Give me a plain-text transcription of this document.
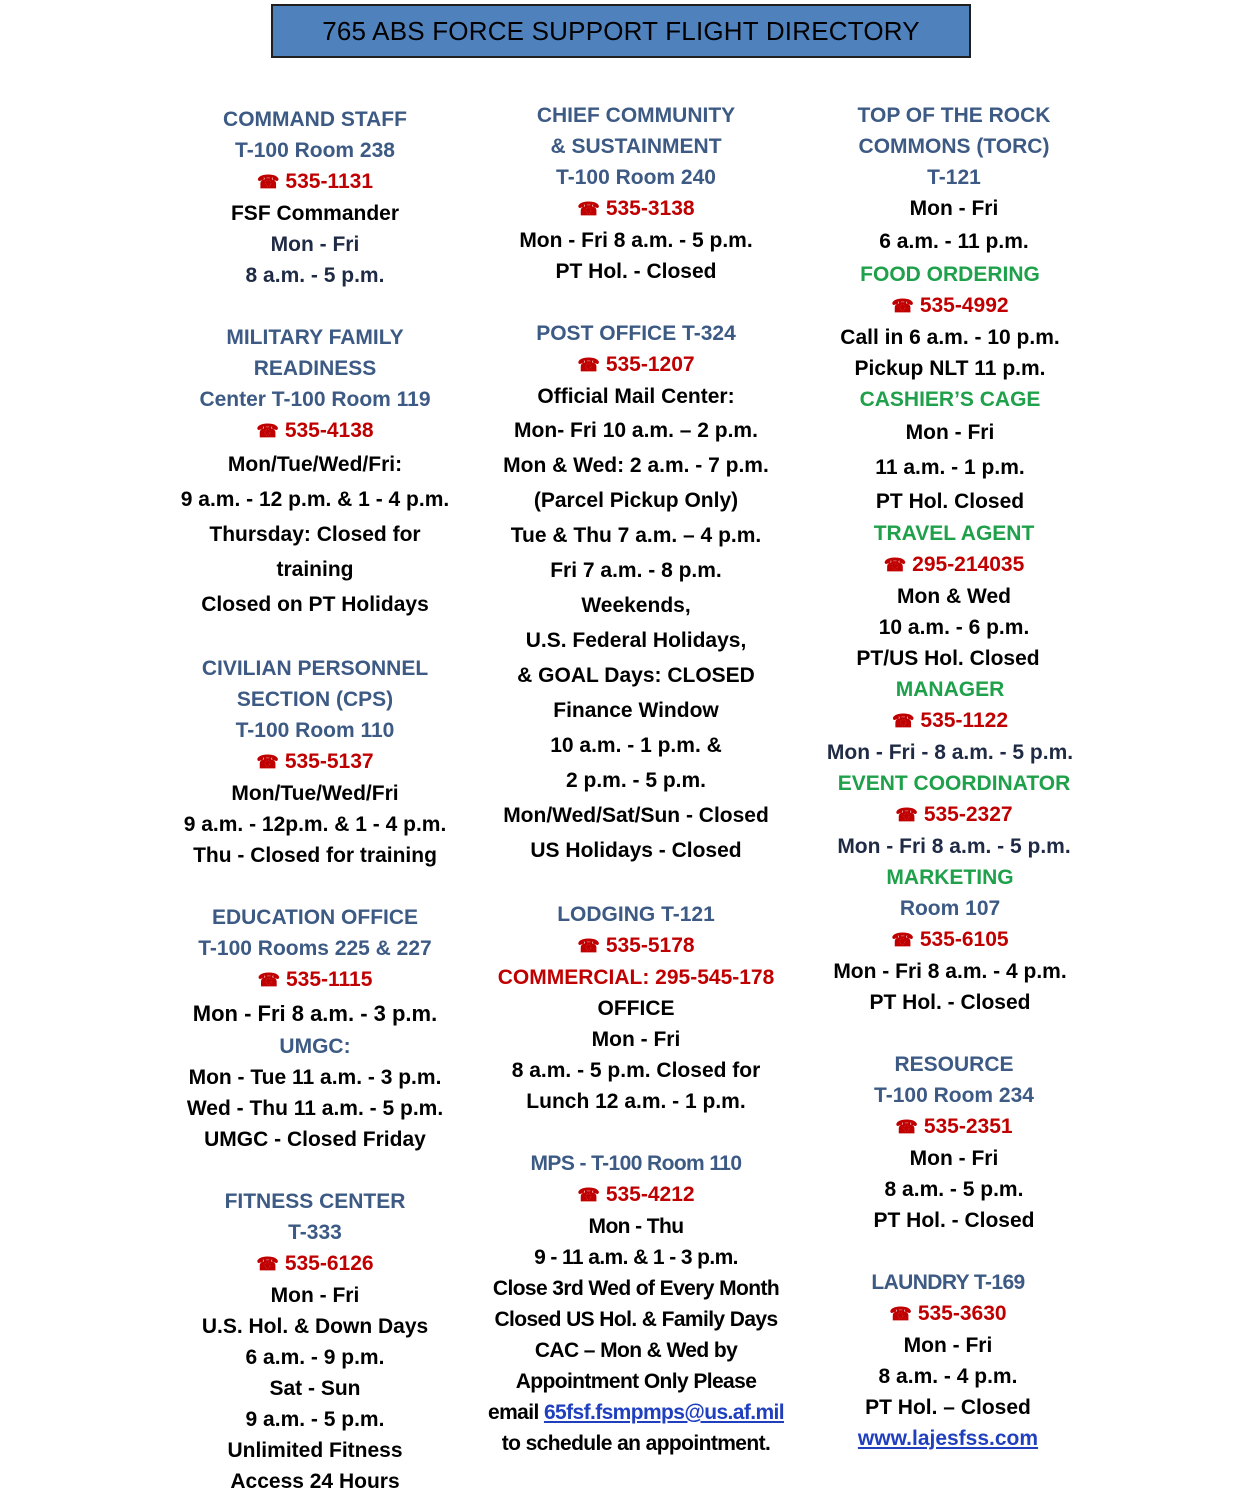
765 ABS FORCE SUPPORT FLIGHT DIRECTORY
COMMAND STAFF
T-100 Room 238
☎ 535-1131
FSF Commander
Mon - Fri
8 a.m. - 5 p.m.
MILITARY FAMILY
READINESS
Center T-100 Room 119
☎ 535-4138
Mon/Tue/Wed/Fri:
9 a.m. - 12 p.m. & 1 - 4 p.m.
Thursday: Closed for
training
Closed on PT Holidays
CIVILIAN PERSONNEL
SECTION (CPS)
T-100 Room 110
☎ 535-5137
Mon/Tue/Wed/Fri
9 a.m. - 12p.m. & 1 - 4 p.m.
Thu - Closed for training
EDUCATION OFFICE
T-100 Rooms 225 & 227
☎ 535-1115
Mon - Fri 8 a.m. - 3 p.m.
UMGC:
Mon - Tue 11 a.m. - 3 p.m.
Wed - Thu 11 a.m. - 5 p.m.
UMGC - Closed Friday
FITNESS CENTER
T-333
☎ 535-6126
Mon - Fri
U.S. Hol. & Down Days
6 a.m. - 9 p.m.
Sat - Sun
9 a.m. - 5 p.m.
Unlimited Fitness
Access 24 Hours
CHIEF COMMUNITY
& SUSTAINMENT
T-100 Room 240
☎ 535-3138
Mon - Fri 8 a.m. - 5 p.m.
PT Hol. - Closed
POST OFFICE T-324
☎ 535-1207
Official Mail Center:
Mon- Fri 10 a.m. – 2 p.m.
Mon & Wed: 2 a.m. - 7 p.m.
(Parcel Pickup Only)
Tue & Thu 7 a.m. – 4 p.m.
Fri 7 a.m. - 8 p.m.
Weekends,
U.S. Federal Holidays,
& GOAL Days: CLOSED
Finance Window
10 a.m. - 1 p.m. &
2 p.m. - 5 p.m.
Mon/Wed/Sat/Sun - Closed
US Holidays - Closed
LODGING T-121
☎ 535-5178
COMMERCIAL: 295-545-178
OFFICE
Mon - Fri
8 a.m. - 5 p.m. Closed for
Lunch 12 a.m. - 1 p.m.
MPS - T-100 Room 110
☎ 535-4212
Mon - Thu
9 - 11 a.m. & 1 - 3 p.m.
Close 3rd Wed of Every Month
Closed US Hol. & Family Days
CAC – Mon & Wed by
Appointment Only Please
email 65fsf.fsmpmps@us.af.mil
to schedule an appointment.
TOP OF THE ROCK
COMMONS (TORC)
T-121
Mon - Fri
6 a.m. - 11 p.m.
FOOD ORDERING
☎ 535-4992
Call in 6 a.m. - 10 p.m.
Pickup NLT 11 p.m.
CASHIER’S CAGE
Mon - Fri
11 a.m. - 1 p.m.
PT Hol. Closed
TRAVEL AGENT
☎ 295-214035
Mon & Wed
10 a.m. - 6 p.m.
PT/US Hol. Closed
MANAGER
☎ 535-1122
Mon - Fri - 8 a.m. - 5 p.m.
EVENT COORDINATOR
☎ 535-2327
Mon - Fri 8 a.m. - 5 p.m.
MARKETING
Room 107
☎ 535-6105
Mon - Fri 8 a.m. - 4 p.m.
PT Hol. - Closed
RESOURCE
T-100 Room 234
☎ 535-2351
Mon - Fri
8 a.m. - 5 p.m.
PT Hol. - Closed
LAUNDRY T-169
☎ 535-3630
Mon - Fri
8 a.m. - 4 p.m.
PT Hol. – Closed
www.lajesfss.com
